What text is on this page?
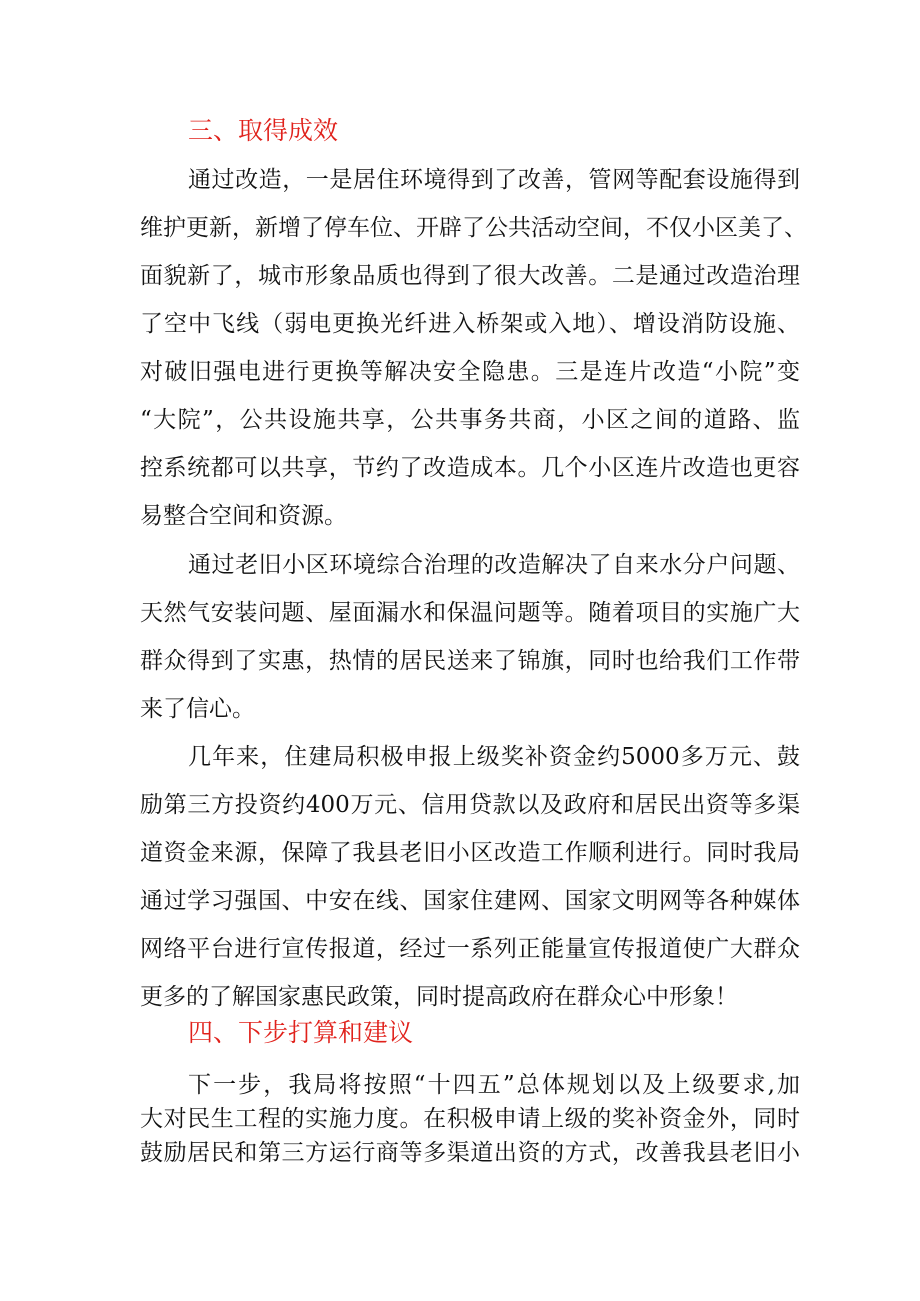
三、取得成效

通过改造，一是居住环境得到了改善，管网等配套设施得到

维护更新，新增了停车位、开辟了公共活动空间，不仅小区美了、

面貌新了，城市形象品质也得到了很大改善。二是通过改造治理

了空中飞线（弱电更换光纤进入桥架或入地）、增设消防设施、

对破旧强电进行更换等解决安全隐患。三是连片改造“小院”变

“大院”，公共设施共享，公共事务共商，小区之间的道路、监

控系统都可以共享，节约了改造成本。几个小区连片改造也更容

易整合空间和资源。

通过老旧小区环境综合治理的改造解决了自来水分户问题、

天然气安装问题、屋面漏水和保温问题等。随着项目的实施广大

群众得到了实惠，热情的居民送来了锦旗，同时也给我们工作带

来了信心。

几年来，住建局积极申报上级奖补资金约5000多万元、鼓

励第三方投资约400万元、信用贷款以及政府和居民出资等多渠

道资金来源，保障了我县老旧小区改造工作顺利进行。同时我局

通过学习强国、中安在线、国家住建网、国家文明网等各种媒体

网络平台进行宣传报道，经过一系列正能量宣传报道使广大群众

更多的了解国家惠民政策，同时提高政府在群众心中形象！

四、下步打算和建议

下一步，我局将按照“十四五”总体规划以及上级要求,加

大对民生工程的实施力度。在积极申请上级的奖补资金外，同时

鼓励居民和第三方运行商等多渠道出资的方式，改善我县老旧小
